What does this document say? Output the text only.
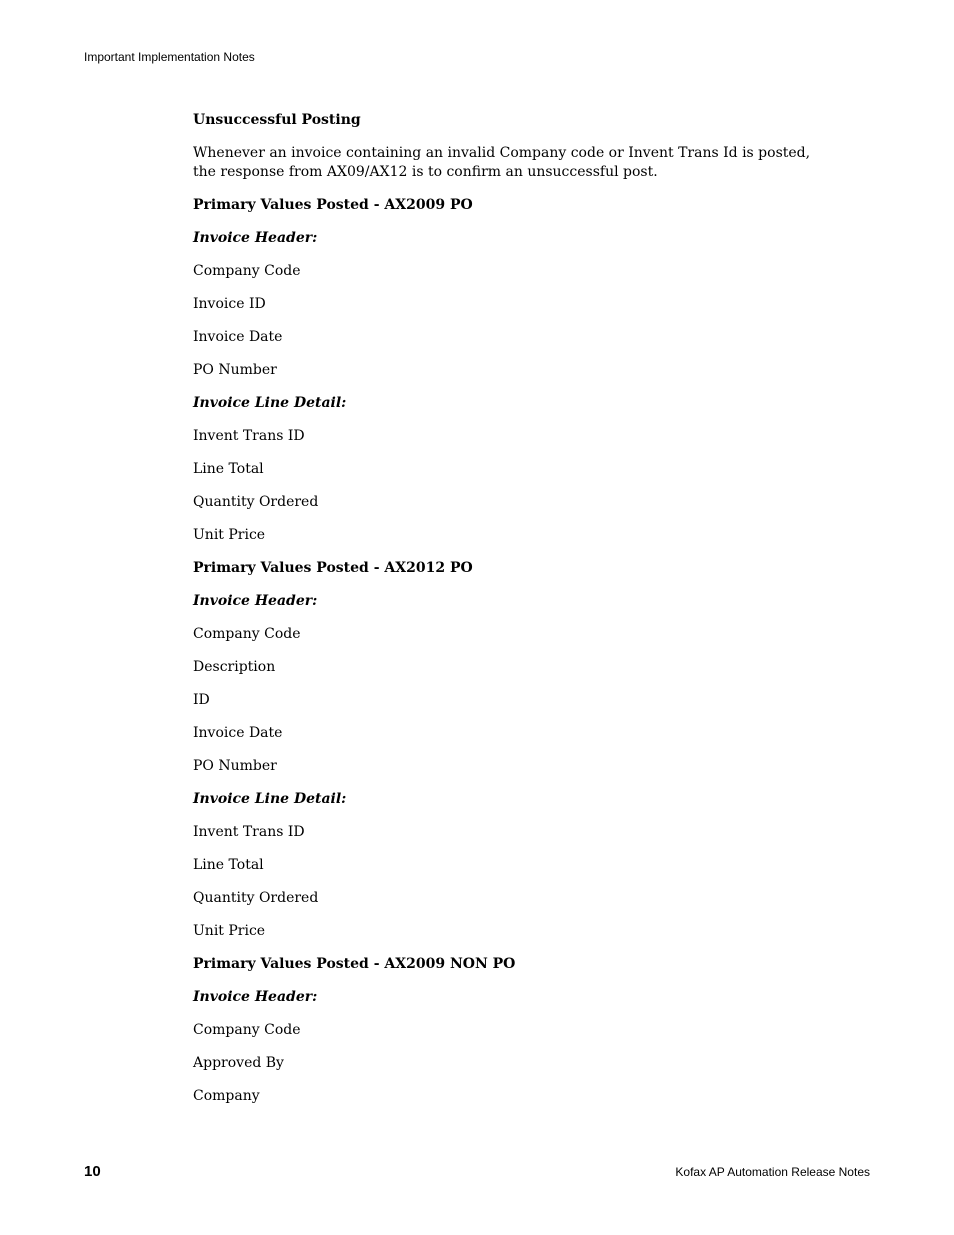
Important Implementation Notes
Unsuccessful Posting
Whenever an invoice containing an invalid Company code or Invent Trans Id is posted, the response from AX09/AX12 is to confirm an unsuccessful post.
Primary Values Posted - AX2009 PO
Invoice Header:
Company Code
Invoice ID
Invoice Date
PO Number
Invoice Line Detail:
Invent Trans ID
Line Total
Quantity Ordered
Unit Price
Primary Values Posted - AX2012 PO
Invoice Header:
Company Code
Description
ID
Invoice Date
PO Number
Invoice Line Detail:
Invent Trans ID
Line Total
Quantity Ordered
Unit Price
Primary Values Posted - AX2009 NON PO
Invoice Header:
Company Code
Approved By
Company
10	Kofax AP Automation Release Notes
